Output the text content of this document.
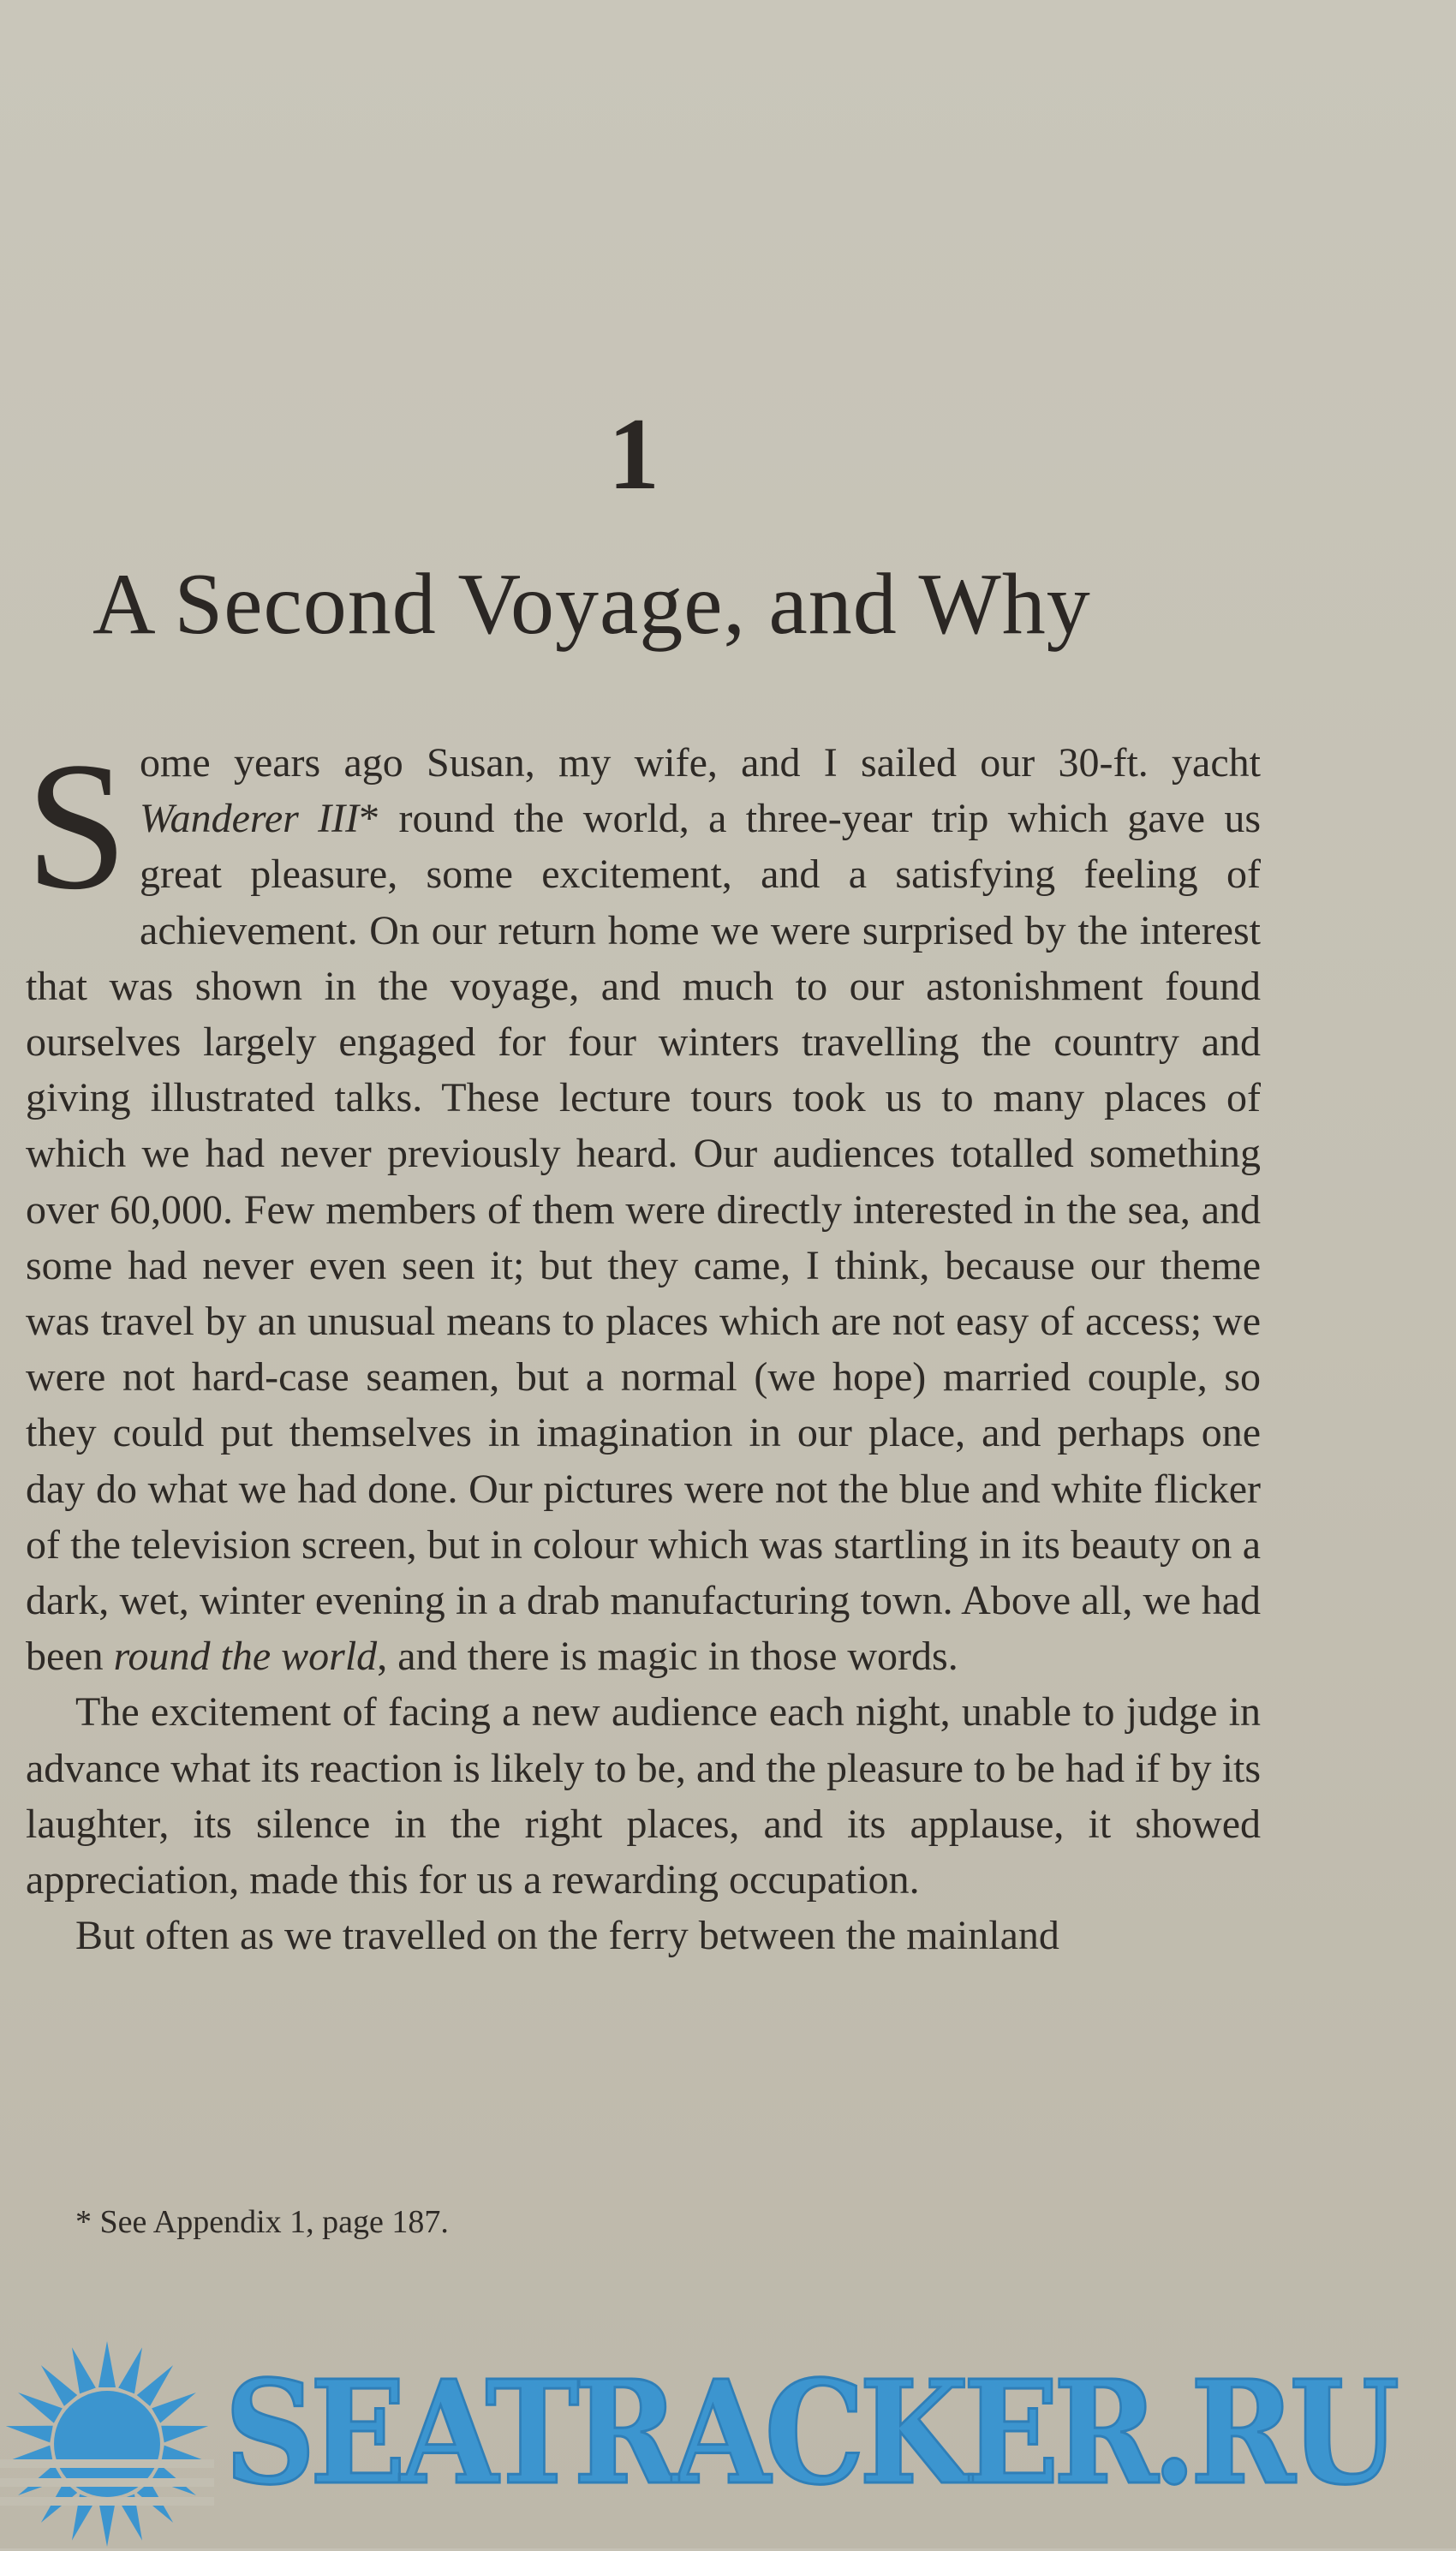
1
A Second Voyage, and Why

Some years ago Susan, my wife, and I sailed our 30-ft. yacht Wanderer III* round the world, a three-year trip which gave us great pleasure, some excitement, and a satisfying feeling of achievement. On our return home we were surprised by the interest that was shown in the voyage, and much to our astonishment found ourselves largely engaged for four winters travelling the country and giving illustrated talks. These lecture tours took us to many places of which we had never previously heard. Our audiences totalled something over 60,000. Few members of them were directly interested in the sea, and some had never even seen it; but they came, I think, because our theme was travel by an unusual means to places which are not easy of access; we were not hard-case seamen, but a normal (we hope) married couple, so they could put themselves in imagination in our place, and perhaps one day do what we had done. Our pictures were not the blue and white flicker of the television screen, but in colour which was startling in its beauty on a dark, wet, winter evening in a drab manufacturing town. Above all, we had been round the world, and there is magic in those words.

The excitement of facing a new audience each night, unable to judge in advance what its reaction is likely to be, and the pleasure to be had if by its laughter, its silence in the right places, and its applause, it showed appreciation, made this for us a rewarding occupation.

But often as we travelled on the ferry between the mainland

* See Appendix 1, page 187.
SEATRACKER.RU
